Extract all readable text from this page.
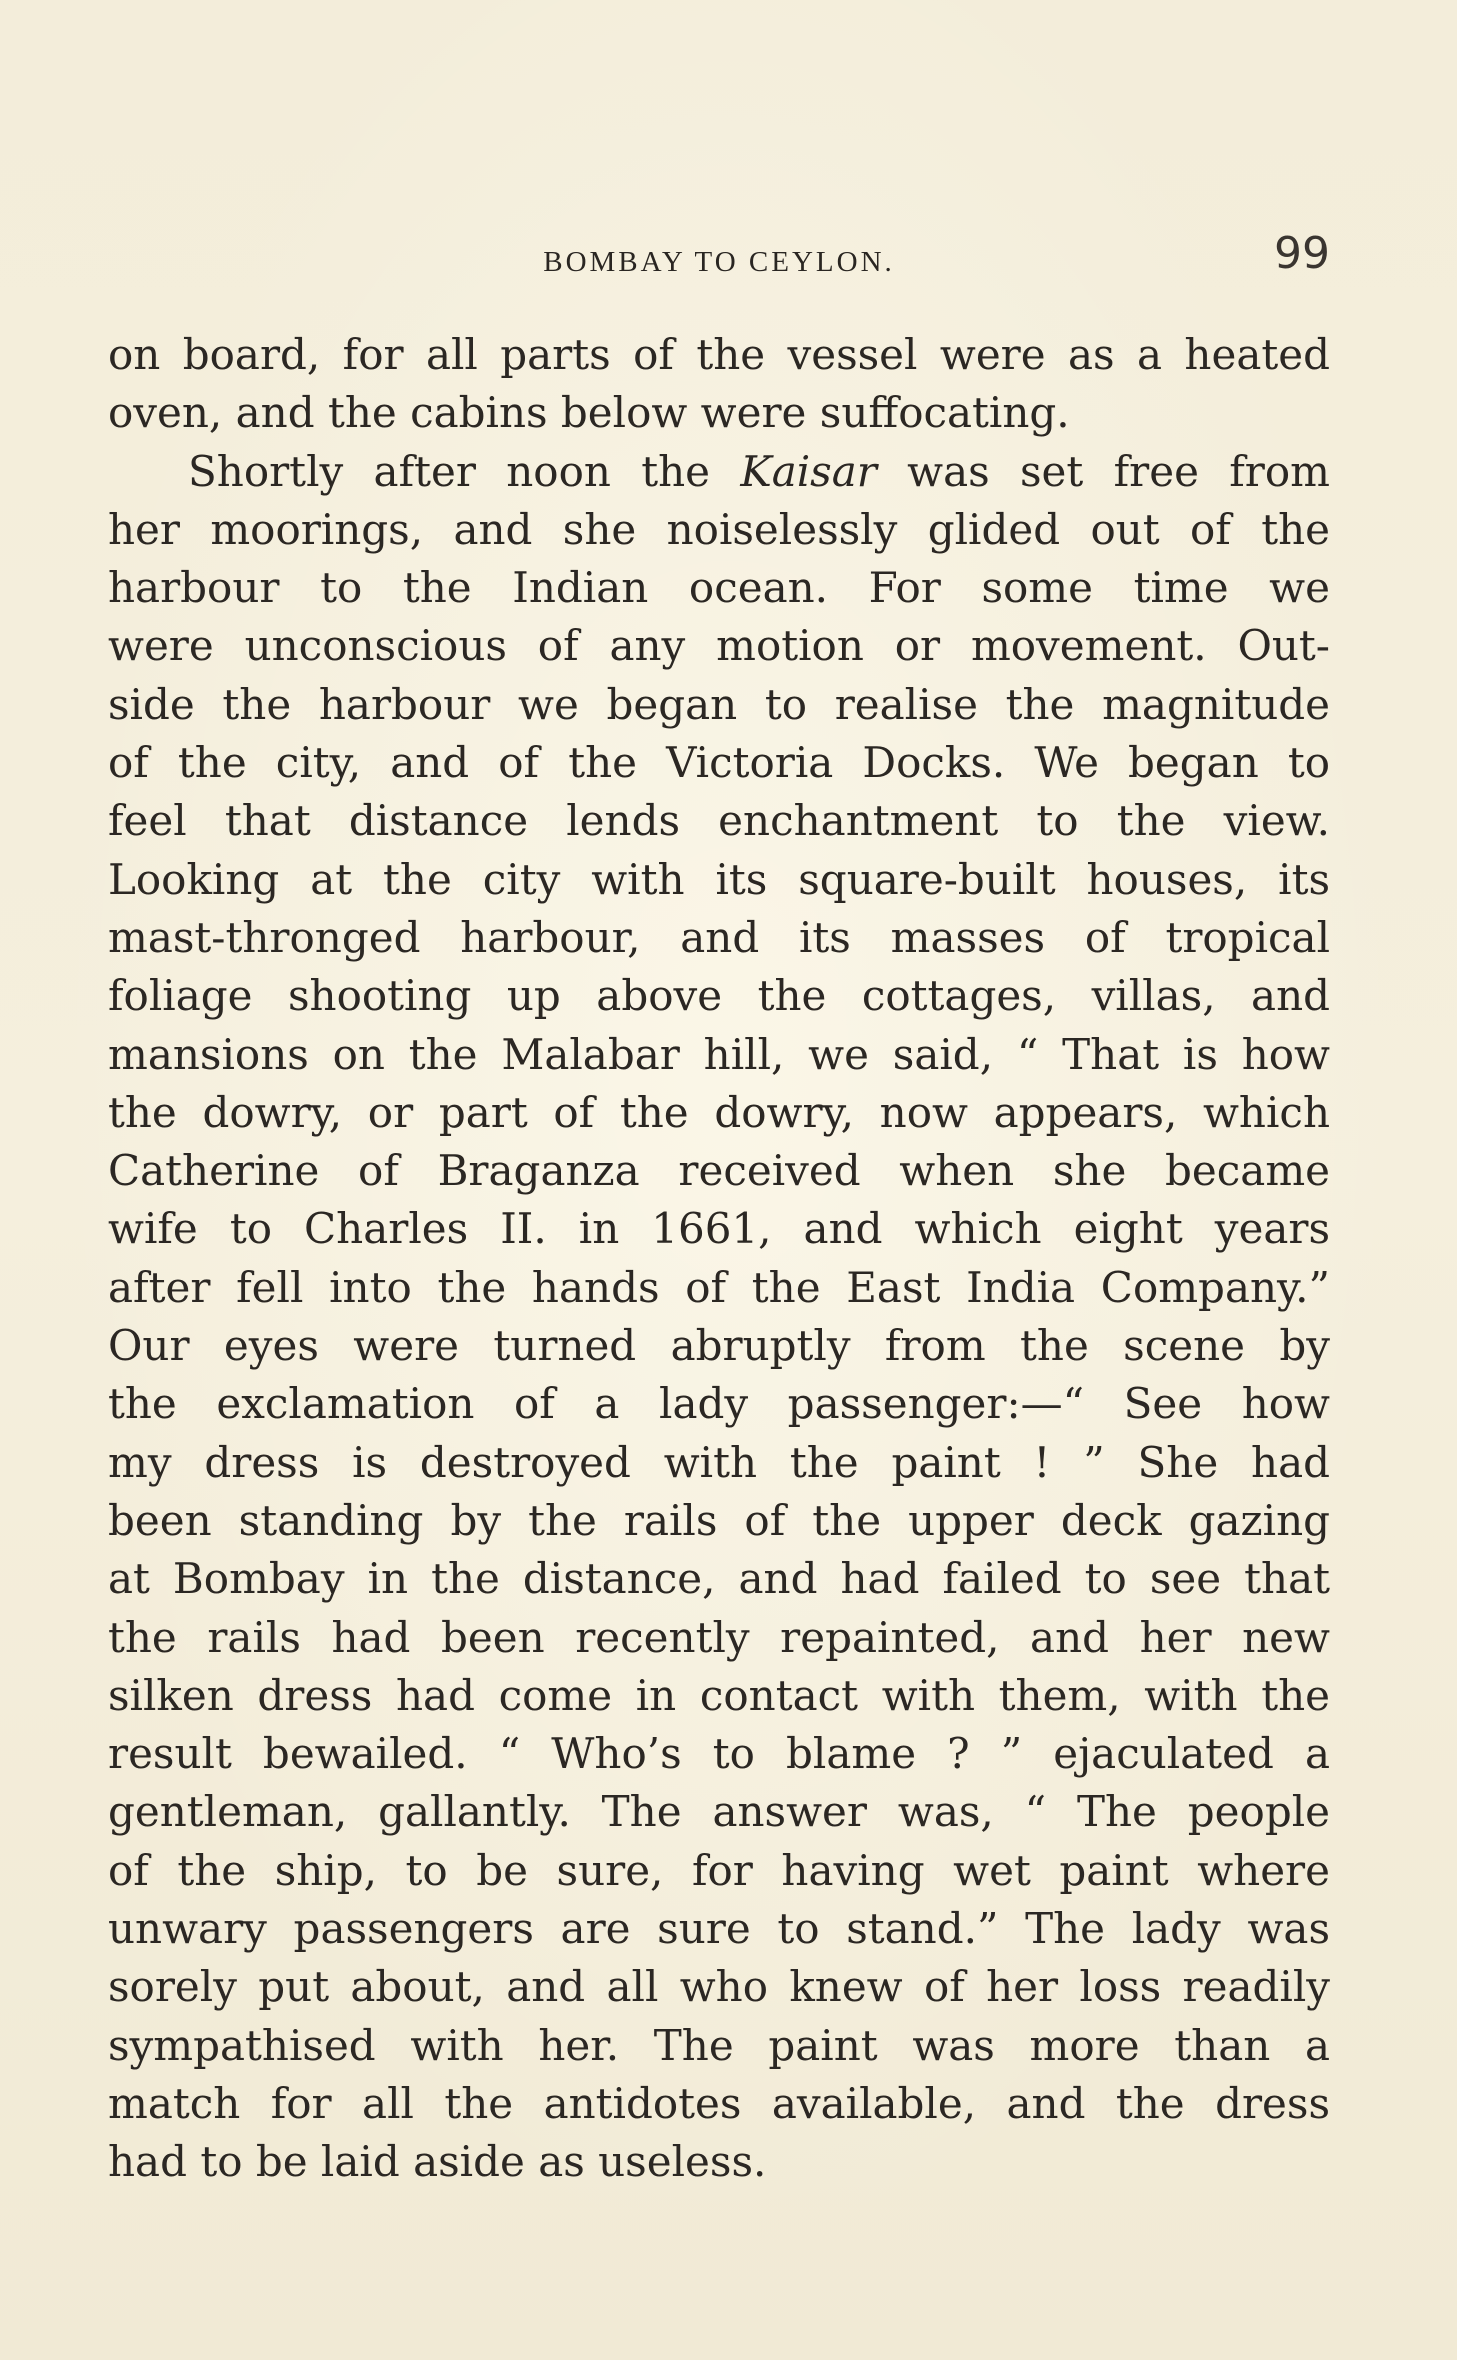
BOMBAY TO CEYLON.	99
on board, for all parts of the vessel were as a heated
oven, and the cabins below were suffocating.
Shortly after noon the Kaisar was set free from
her moorings, and she noiselessly glided out of the
harbour to the Indian ocean. For some time we
were unconscious of any motion or movement. Out-
side the harbour we began to realise the magnitude
of the city, and of the Victoria Docks. We began to
feel that distance lends enchantment to the view.
Looking at the city with its square-built houses, its
mast-thronged harbour, and its masses of tropical
foliage shooting up above the cottages, villas, and
mansions on the Malabar hill, we said, “ That is how
the dowry, or part of the dowry, now appears, which
Catherine of Braganza received when she became
wife to Charles II. in 1661, and which eight years
after fell into the hands of the East India Company.”
Our eyes were turned abruptly from the scene by
the exclamation of a lady passenger:—“ See how
my dress is destroyed with the paint ! ” She had
been standing by the rails of the upper deck gazing
at Bombay in the distance, and had failed to see that
the rails had been recently repainted, and her new
silken dress had come in contact with them, with the
result bewailed. “ Who’s to blame ? ” ejaculated a
gentleman, gallantly. The answer was, “ The people
of the ship, to be sure, for having wet paint where
unwary passengers are sure to stand.” The lady was
sorely put about, and all who knew of her loss readily
sympathised with her. The paint was more than a
match for all the antidotes available, and the dress
had to be laid aside as useless.
